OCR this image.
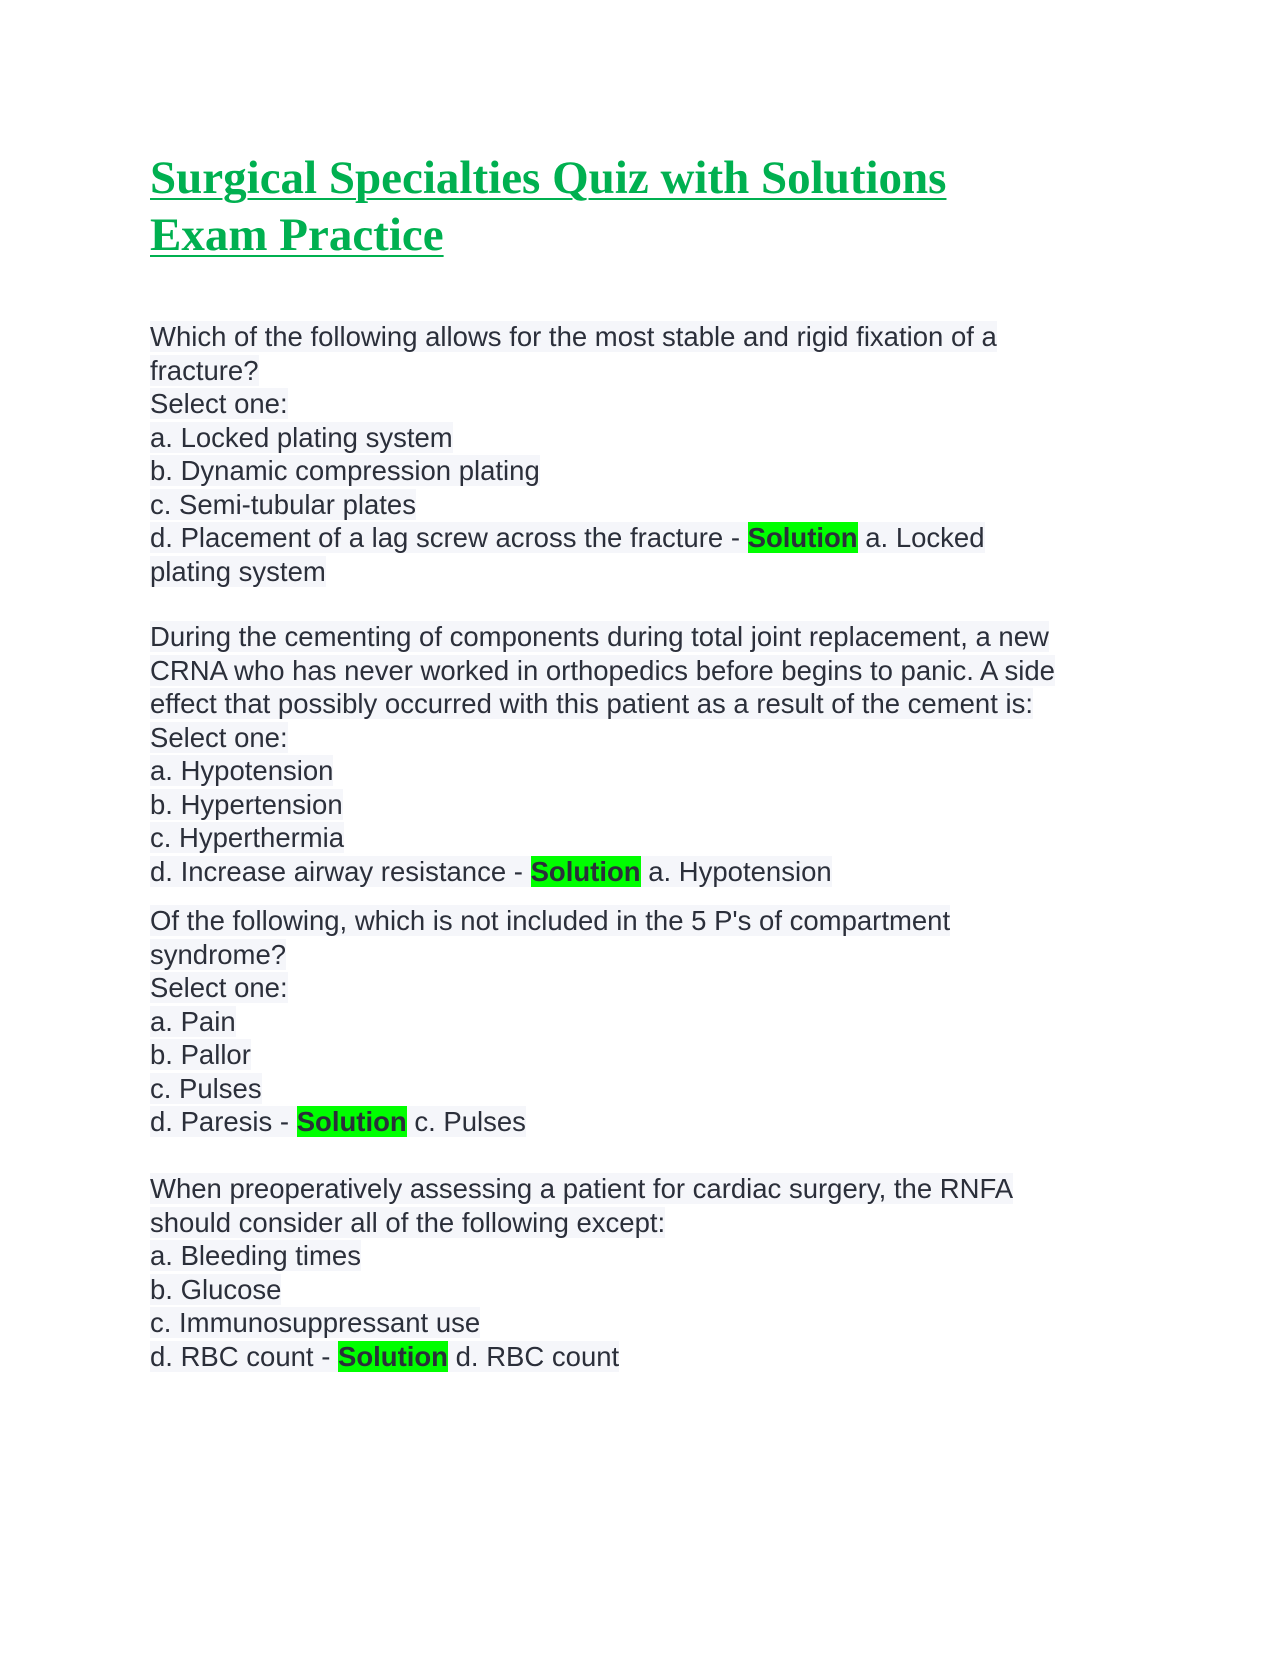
Surgical Specialties Quiz with Solutions
Exam Practice
Which of the following allows for the most stable and rigid fixation of a
fracture?
Select one:
a. Locked plating system
b. Dynamic compression plating
c. Semi-tubular plates
d. Placement of a lag screw across the fracture - Solution a. Locked
plating system
During the cementing of components during total joint replacement, a new
CRNA who has never worked in orthopedics before begins to panic. A side
effect that possibly occurred with this patient as a result of the cement is:
Select one:
a. Hypotension
b. Hypertension
c. Hyperthermia
d. Increase airway resistance - Solution a. Hypotension
Of the following, which is not included in the 5 P's of compartment
syndrome?
Select one:
a. Pain
b. Pallor
c. Pulses
d. Paresis - Solution c. Pulses
When preoperatively assessing a patient for cardiac surgery, the RNFA
should consider all of the following except:
a. Bleeding times
b. Glucose
c. Immunosuppressant use
d. RBC count - Solution d. RBC count
